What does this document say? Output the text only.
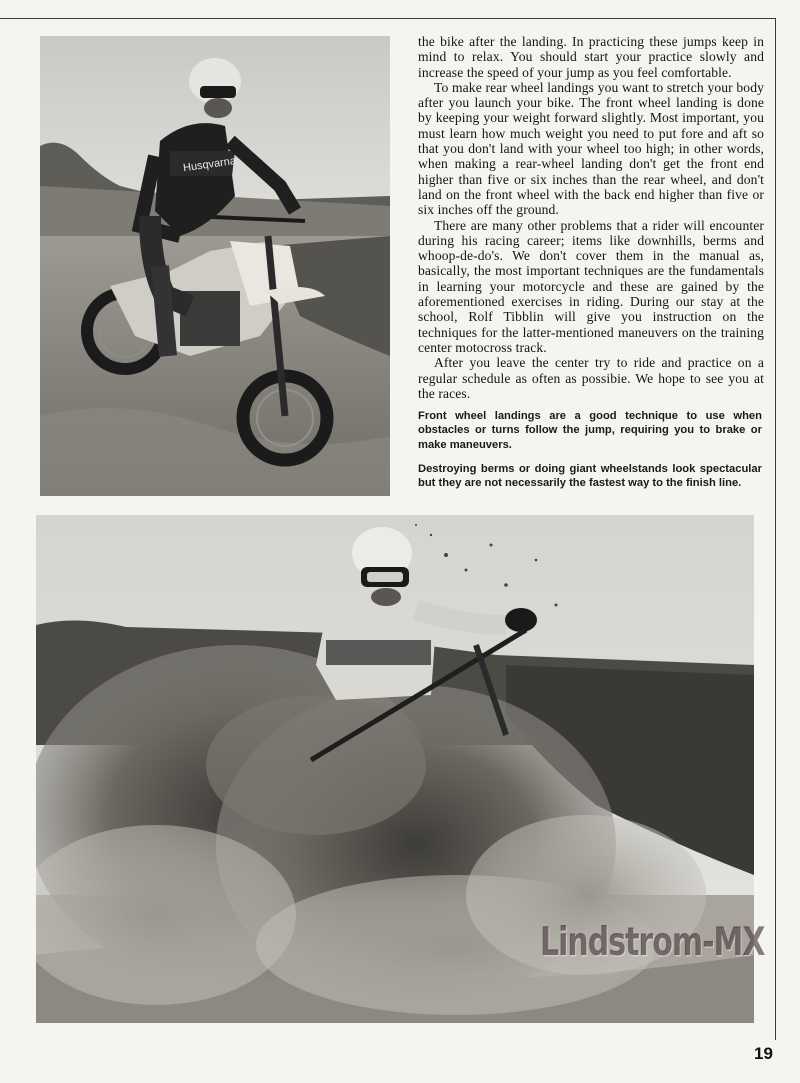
Husqvarna

the bike after the landing. In practicing these jumps keep in mind to relax. You should start your practice slowly and increase the speed of your jump as you feel comfortable.

To make rear wheel landings you want to stretch your body after you launch your bike. The front wheel landing is done by keeping your weight forward slightly. Most important, you must learn how much weight you need to put fore and aft so that you don't land with your wheel too high; in other words, when making a rear-wheel landing don't get the front end higher than five or six inches than the rear wheel, and don't land on the front wheel with the back end higher than five or six inches off the ground.

There are many other problems that a rider will encounter during his racing career; items like downhills, berms and whoop-de-do's. We don't cover them in the manual as, basically, the most important techniques are the fundamentals in learning your motorcycle and these are gained by the aforementioned exercises in riding. During our stay at the school, Rolf Tibblin will give you instruction on the techniques for the latter-mentioned maneuvers on the training center motocross track.

After you leave the center try to ride and practice on a regular schedule as often as possibie. We hope to see you at the races.

Front wheel landings are a good technique to use when obstacles or turns follow the jump, requiring you to brake or make maneuvers.
Destroying berms or doing giant wheelstands look spectacular but they are not necessarily the fastest way to the finish line.
Lindstrom-MX
19
